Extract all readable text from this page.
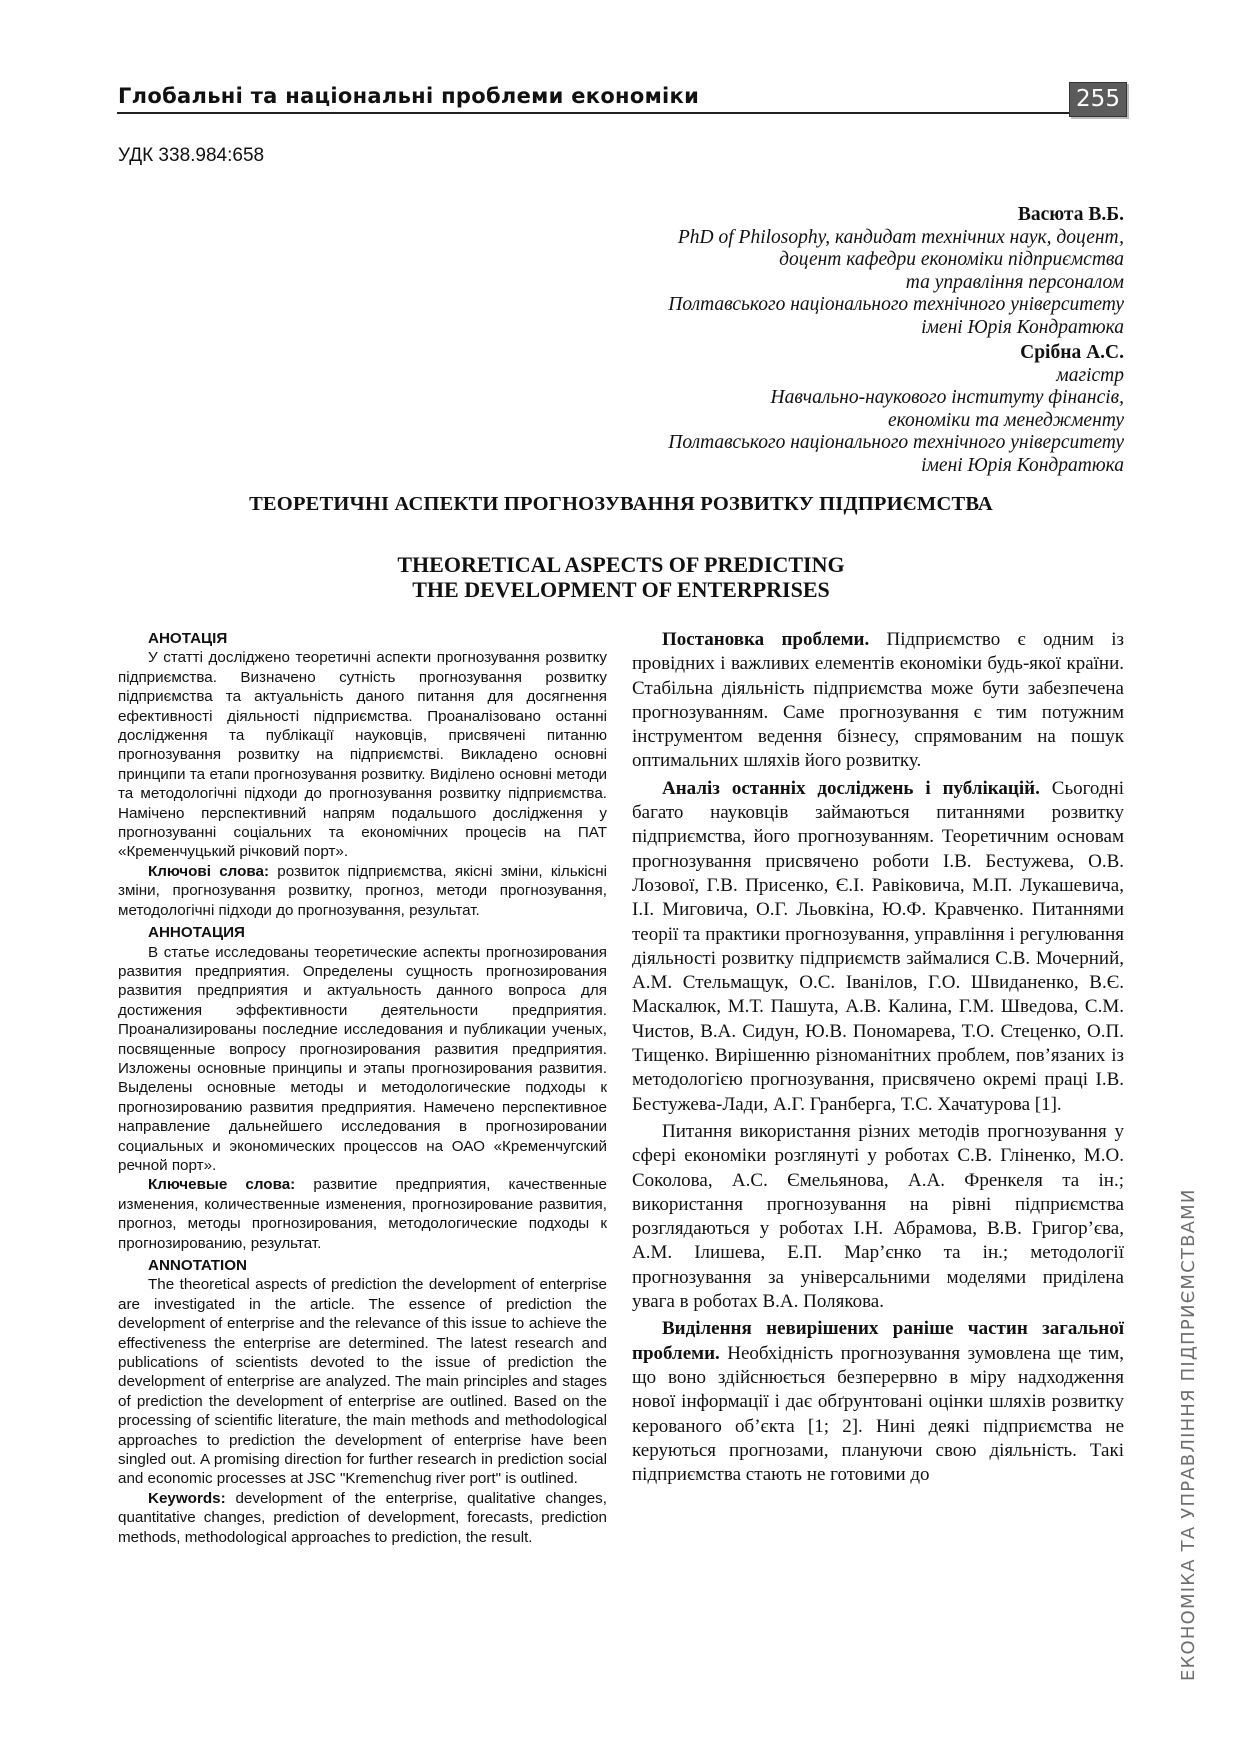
Глобальні та національні проблеми економіки	255
УДК 338.984:658
Васюта В.Б.
PhD of Philosophy, кандидат технічних наук, доцент,
доцент кафедри економіки підприємства
та управління персоналом
Полтавського національного технічного університету
імені Юрія Кондратюка
Срібна А.С.
магістр
Навчально-наукового інституту фінансів,
економіки та менеджменту
Полтавського національного технічного університету
імені Юрія Кондратюка
ТЕОРЕТИЧНІ АСПЕКТИ ПРОГНОЗУВАННЯ РОЗВИТКУ ПІДПРИЄМСТВА
THEORETICAL ASPECTS OF PREDICTING
THE DEVELOPMENT OF ENTERPRISES
АНОТАЦІЯ

У статті досліджено теоретичні аспекти прогнозування розвитку підприємства. Визначено сутність прогнозування розвитку підприємства та актуальність даного питання для досягнення ефективності діяльності підприємства. Проаналізовано останні дослідження та публікації науковців, присвячені питанню прогнозування розвитку на підприємстві. Викладено основні принципи та етапи прогнозування розвитку. Виділено основні методи та методологічні підходи до прогнозування розвитку підприємства. Намічено перспективний напрям подальшого дослідження у прогнозуванні соціальних та економічних процесів на ПАТ «Кременчуцький річковий порт».

Ключові слова: розвиток підприємства, якісні зміни, кількісні зміни, прогнозування розвитку, прогноз, методи прогнозування, методологічні підходи до прогнозування, результат.

АННОТАЦИЯ

В статье исследованы теоретические аспекты прогнозирования развития предприятия. Определены сущность прогнозирования развития предприятия и актуальность данного вопроса для достижения эффективности деятельности предприятия. Проанализированы последние исследования и публикации ученых, посвященные вопросу прогнозирования развития предприятия. Изложены основные принципы и этапы прогнозирования развития. Выделены основные методы и методологические подходы к прогнозированию развития предприятия. Намечено перспективное направление дальнейшего исследования в прогнозировании социальных и экономических процессов на ОАО «Кременчугский речной порт».

Ключевые слова: развитие предприятия, качественные изменения, количественные изменения, прогнозирование развития, прогноз, методы прогнозирования, методологические подходы к прогнозированию, результат.

ANNOTATION

The theoretical aspects of prediction the development of enterprise are investigated in the article. The essence of prediction the development of enterprise and the relevance of this issue to achieve the effectiveness the enterprise are determined. The latest research and publications of scientists devoted to the issue of prediction the development of enterprise are analyzed. The main principles and stages of prediction the development of enterprise are outlined. Based on the processing of scientific literature, the main methods and methodological approaches to prediction the development of enterprise have been singled out. A promising direction for further research in prediction social and economic processes at JSC "Kremenchug river port" is outlined.

Keywords: development of the enterprise, qualitative changes, quantitative changes, prediction of development, forecasts, prediction methods, methodological approaches to prediction, the result.

Постановка проблеми. Підприємство є одним із провідних і важливих елементів економіки будь-якої країни. Стабільна діяльність підприємства може бути забезпечена прогнозуванням. Саме прогнозування є тим потужним інструментом ведення бізнесу, спрямованим на пошук оптимальних шляхів його розвитку.

Аналіз останніх досліджень і публікацій. Сьогодні багато науковців займаються питаннями розвитку підприємства, його прогнозуванням. Теоретичним основам прогнозування присвячено роботи І.В. Бестужева, О.В. Лозової, Г.В. Присенко, Є.І. Равіковича, М.П. Лукашевича, І.І. Миговича, О.Г. Льовкіна, Ю.Ф. Кравченко. Питаннями теорії та практики прогнозування, управління і регулювання діяльності розвитку підприємств займалися С.В. Мочерний, А.М. Стельмащук, О.С. Іванілов, Г.О. Швиданенко, В.Є. Маскалюк, М.Т. Пашута, А.В. Калина, Г.М. Шведова, С.М. Чистов, В.А. Сидун, Ю.В. Пономарева, Т.О. Стеценко, О.П. Тищенко. Вирішенню різноманітних проблем, пов’язаних із методологією прогнозування, присвячено окремі праці І.В. Бестужева-Лади, А.Г. Гранберга, Т.С. Хачатурова [1].

Питання використання різних методів прогнозування у сфері економіки розглянуті у роботах С.В. Гліненко, М.О. Соколова, А.С. Ємельянова, А.А. Френкеля та ін.; використання прогнозування на рівні підприємства розглядаються у роботах І.Н. Абрамова, В.В. Григор’єва, А.М. Ілишева, Е.П. Мар’єнко та ін.; методології прогнозування за універсальними моделями приділена увага в роботах В.А. Полякова.

Виділення невирішених раніше частин загальної проблеми. Необхідність прогнозування зумовлена ще тим, що воно здійснюється безперервно в міру надходження нової інформації і дає обґрунтовані оцінки шляхів розвитку керованого об’єкта [1; 2]. Нині деякі підприємства не керуються прогнозами, плануючи свою діяльність. Такі підприємства стають не готовими до	ЕКОНОМІКА ТА УПРАВЛІННЯ ПІДПРИЄМСТВАМИ
